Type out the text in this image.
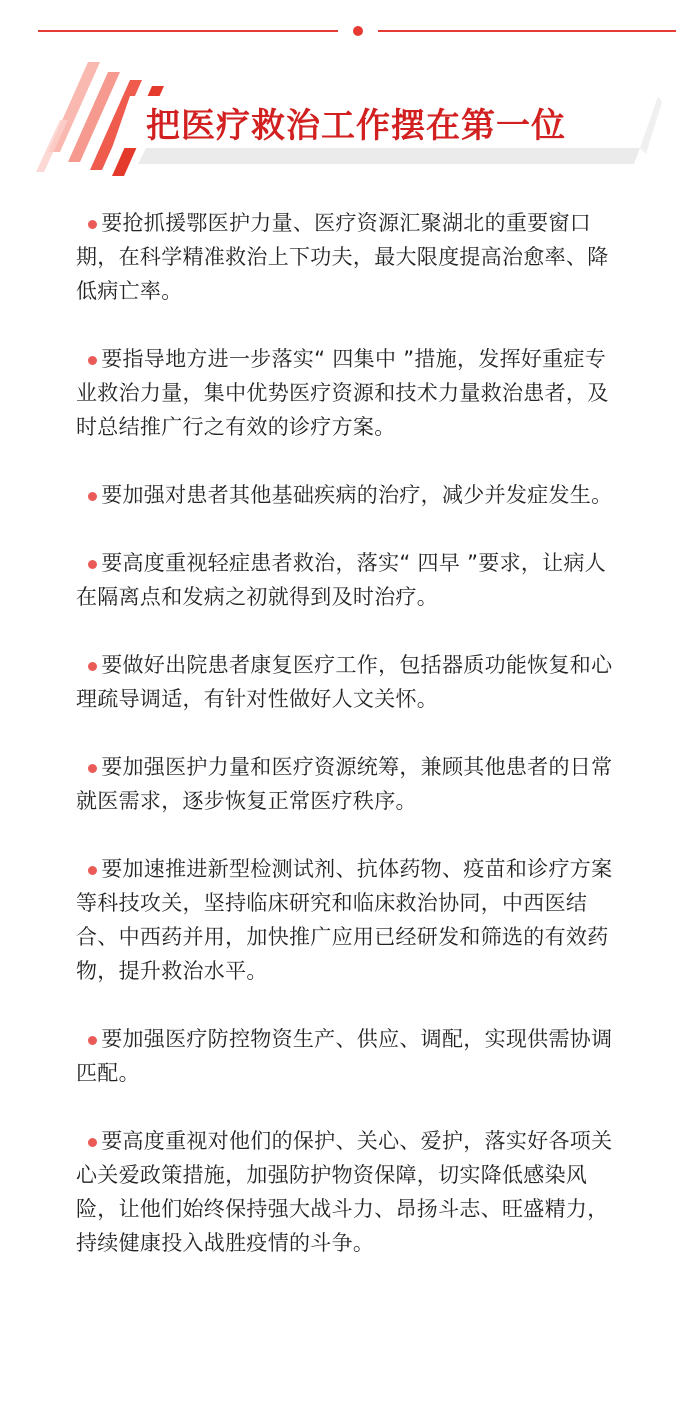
把医疗救治工作摆在第一位

要抢抓援鄂医护力量、医疗资源汇聚湖北的重要窗口期，在科学精准救治上下功夫，最大限度提高治愈率、降低病亡率。

要指导地方进一步落实“ 四集中 ”措施，发挥好重症专业救治力量，集中优势医疗资源和技术力量救治患者，及时总结推广行之有效的诊疗方案。

要加强对患者其他基础疾病的治疗，减少并发症发生。

要高度重视轻症患者救治，落实“ 四早 ”要求，让病人在隔离点和发病之初就得到及时治疗。

要做好出院患者康复医疗工作，包括器质功能恢复和心理疏导调适，有针对性做好人文关怀。

要加强医护力量和医疗资源统筹，兼顾其他患者的日常就医需求，逐步恢复正常医疗秩序。

要加速推进新型检测试剂、抗体药物、疫苗和诊疗方案等科技攻关，坚持临床研究和临床救治协同，中西医结合、中西药并用，加快推广应用已经研发和筛选的有效药物，提升救治水平。

要加强医疗防控物资生产、供应、调配，实现供需协调匹配。

要高度重视对他们的保护、关心、爱护，落实好各项关心关爱政策措施，加强防护物资保障，切实降低感染风险，让他们始终保持强大战斗力、昂扬斗志、旺盛精力，持续健康投入战胜疫情的斗争。
